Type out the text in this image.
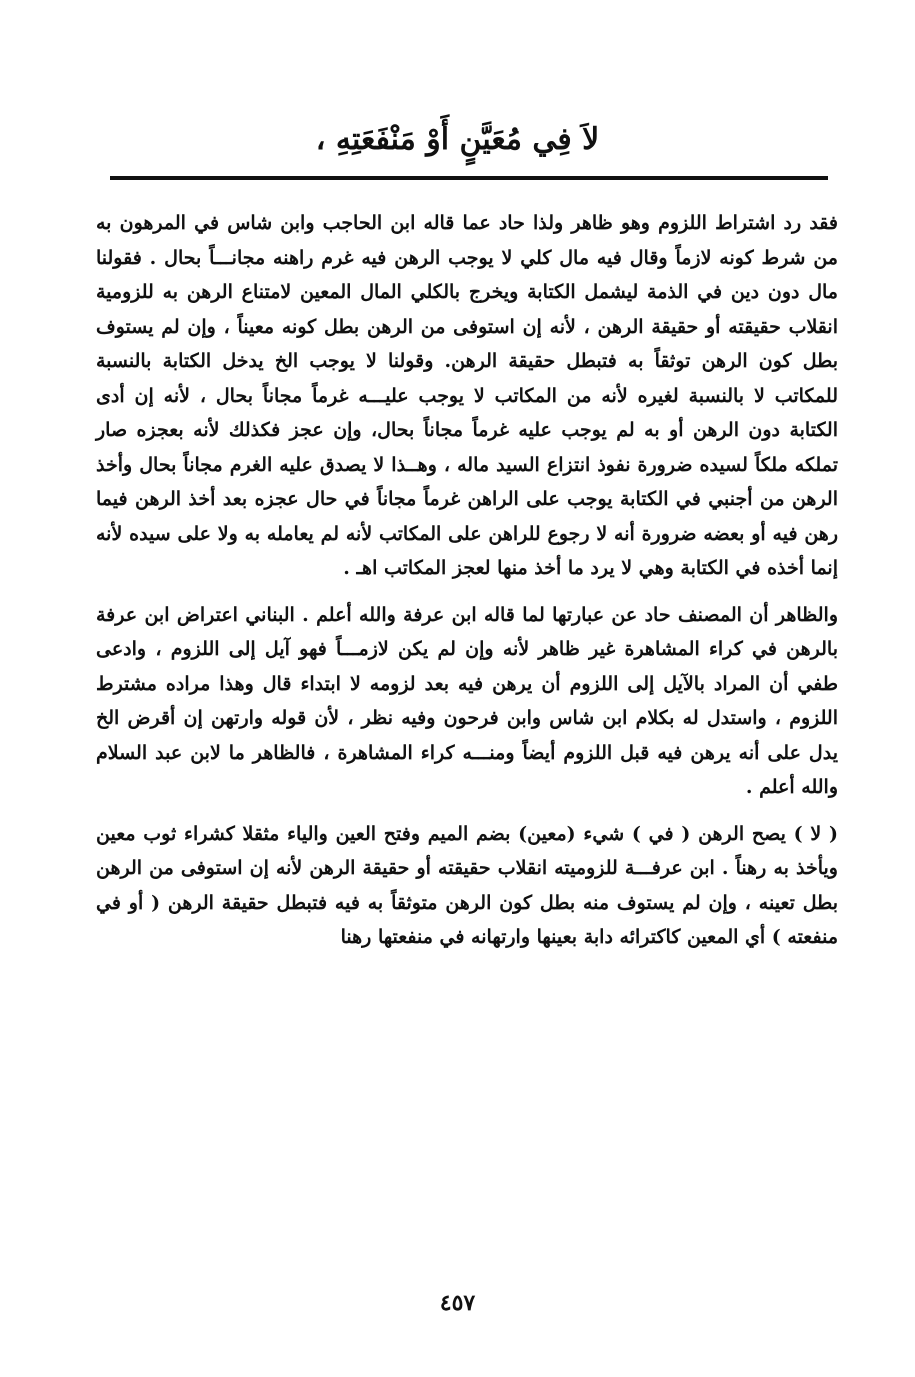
لاَ فِي مُعَيَّنٍ أَوْ مَنْفَعَتِهِ ،

فقد رد اشتراط اللزوم وهو ظاهر ولذا حاد عما قاله ابن الحاجب وابن شاس في المرهون به من شرط كونه لازماً وقال فيه مال كلي لا يوجب الرهن فيه غرم راهنه مجانـــاً بحال . فقولنا مال دون دين في الذمة ليشمل الكتابة ويخرج بالكلي المال المعين لامتناع الرهن به للزومية انقلاب حقيقته أو حقيقة الرهن ، لأنه إن استوفى من الرهن بطل كونه معيناً ، وإن لم يستوف بطل كون الرهن توثقاً به فتبطل حقيقة الرهن. وقولنا لا يوجب الخ يدخل الكتابة بالنسبة للمكاتب لا بالنسبة لغيره لأنه من المكاتب لا يوجب عليـــه غرماً مجاناً بحال ، لأنه إن أدى الكتابة دون الرهن أو به لم يوجب عليه غرماً مجاناً بحال، وإن عجز فكذلك لأنه بعجزه صار تملكه ملكاً لسيده ضرورة نفوذ انتزاع السيد ماله ، وهــذا لا يصدق عليه الغرم مجاناً بحال وأخذ الرهن من أجنبي في الكتابة يوجب على الراهن غرماً مجاناً في حال عجزه بعد أخذ الرهن فيما رهن فيه أو بعضه ضرورة أنه لا رجوع للراهن على المكاتب لأنه لم يعامله به ولا على سيده لأنه إنما أخذه في الكتابة وهي لا يرد ما أخذ منها لعجز المكاتب اهـ .

والظاهر أن المصنف حاد عن عبارتها لما قاله ابن عرفة والله أعلم . البناني اعتراض ابن عرفة بالرهن في كراء المشاهرة غير ظاهر لأنه وإن لم يكن لازمـــاً فهو آيل إلى اللزوم ، وادعى طفي أن المراد بالآيل إلى اللزوم أن يرهن فيه بعد لزومه لا ابتداء قال وهذا مراده مشترط اللزوم ، واستدل له بكلام ابن شاس وابن فرحون وفيه نظر ، لأن قوله وارتهن إن أقرض الخ يدل على أنه يرهن فيه قبل اللزوم أيضاً ومنـــه كراء المشاهرة ، فالظاهر ما لابن عبد السلام والله أعلم .

( لا ) يصح الرهن ( في ) شيء (معين) بضم الميم وفتح العين والياء مثقلا كشراء ثوب معين ويأخذ به رهناً . ابن عرفـــة للزوميته انقلاب حقيقته أو حقيقة الرهن لأنه إن استوفى من الرهن بطل تعينه ، وإن لم يستوف منه بطل كون الرهن متوثقاً به فيه فتبطل حقيقة الرهن ( أو في منفعته ) أي المعين كاكترائه دابة بعينها وارتهانه في منفعتها رهنا

٤٥٧
